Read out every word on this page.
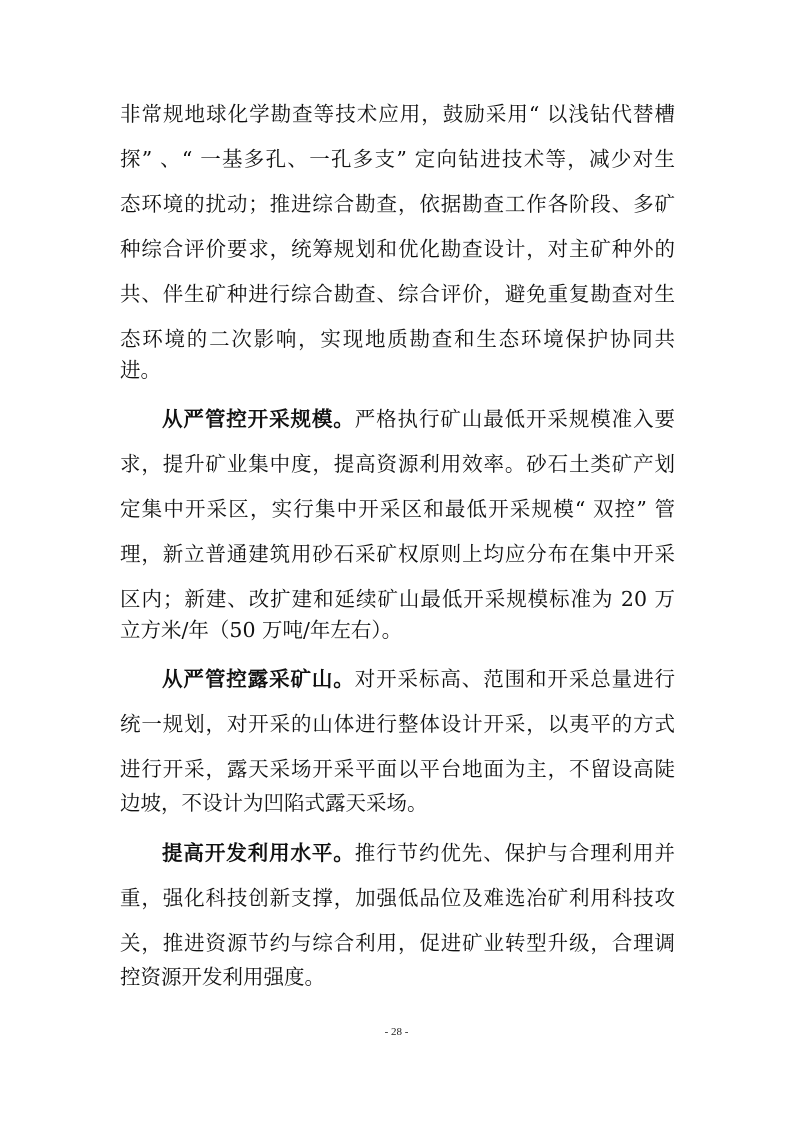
非常规地球化学勘查等技术应用，鼓励采用“ 以浅钻代替槽
探” 、“ 一基多孔、一孔多支” 定向钻进技术等，减少对生
态环境的扰动；推进综合勘查，依据勘查工作各阶段、多矿
种综合评价要求，统筹规划和优化勘查设计，对主矿种外的
共、伴生矿种进行综合勘查、综合评价，避免重复勘查对生
态环境的二次影响，实现地质勘查和生态环境保护协同共
进。
从严管控开采规模。严格执行矿山最低开采规模准入要
求，提升矿业集中度，提高资源利用效率。砂石土类矿产划
定集中开采区，实行集中开采区和最低开采规模“ 双控” 管
理，新立普通建筑用砂石采矿权原则上均应分布在集中开采
区内；新建、改扩建和延续矿山最低开采规模标准为 20 万
立方米/年（50 万吨/年左右）。
从严管控露采矿山。对开采标高、范围和开采总量进行
统一规划，对开采的山体进行整体设计开采，以夷平的方式
进行开采，露天采场开采平面以平台地面为主，不留设高陡
边坡，不设计为凹陷式露天采场。
提高开发利用水平。推行节约优先、保护与合理利用并
重，强化科技创新支撑，加强低品位及难选冶矿利用科技攻
关，推进资源节约与综合利用，促进矿业转型升级，合理调
控资源开发利用强度。
- 28 -
